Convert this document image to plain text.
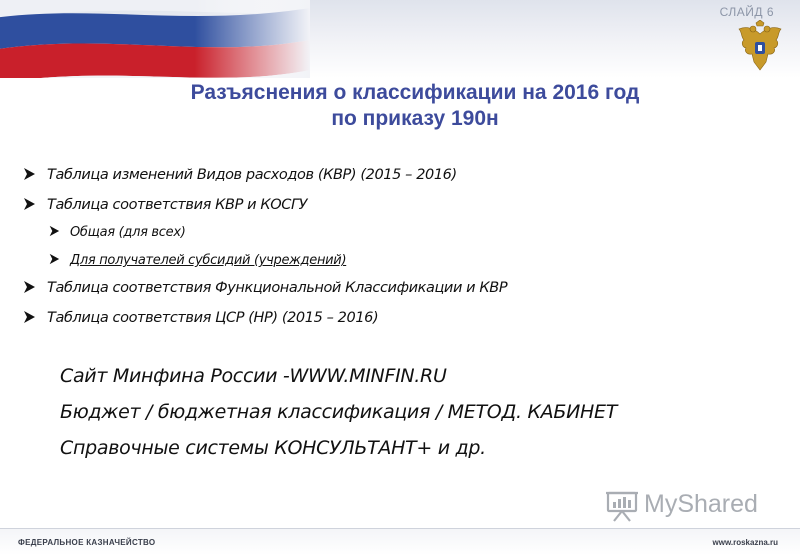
СЛАЙД 6
Разъяснения о классификации на 2016 год
по приказу 190н
Таблица изменений Видов расходов (КВР) (2015 – 2016)
Таблица соответствия КВР и КОСГУ
Общая (для всех)
Для получателей субсидий (учреждений)
Таблица соответствия Функциональной Классификации и КВР
Таблица соответствия ЦСР (НР) (2015 – 2016)
Сайт Минфина России -WWW.MINFIN.RU
Бюджет / бюджетная классификация / МЕТОД. КАБИНЕТ
Справочные системы КОНСУЛЬТАНТ+ и др.
MyShared
ФЕДЕРАЛЬНОЕ КАЗНАЧЕЙСТВО	www.roskazna.ru
